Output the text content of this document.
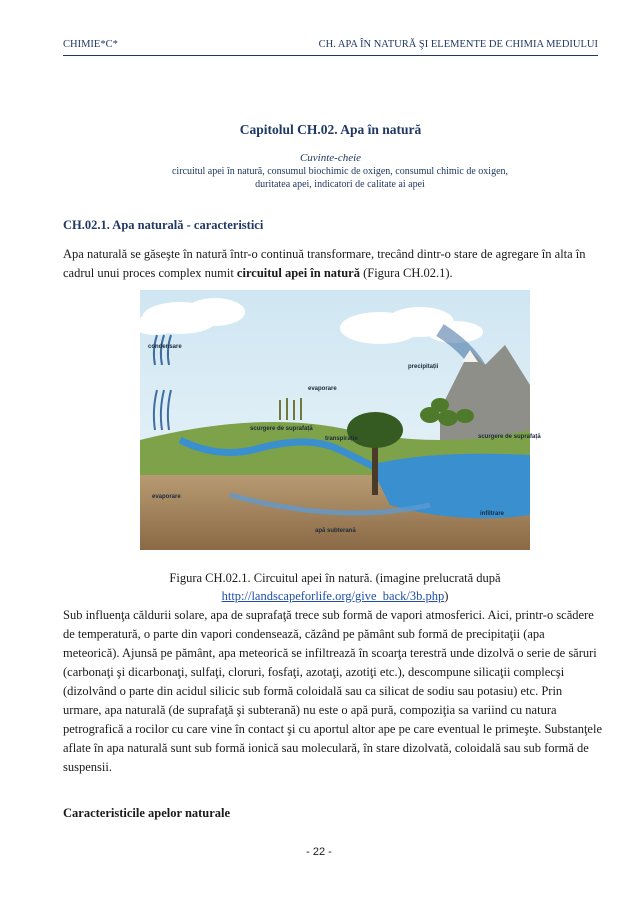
CHIMIE*C*	CH. APA ÎN NATURĂ ŞI ELEMENTE DE CHIMIA MEDIULUI
Capitolul CH.02. Apa în natură
Cuvinte-cheie
circuitul apei în natură, consumul biochimic de oxigen, consumul chimic de oxigen, duritatea apei, indicatori de calitate ai apei
CH.02.1. Apa naturală - caracteristici
Apa naturală se găseşte în natură într-o continuă transformare, trecând dintr-o stare de agregare în alta în cadrul unui proces complex numit circuitul apei în natură (Figura CH.02.1).
condensare
precipitații
evaporare
scurgere de suprafață
scurgere de suprafață
transpirație
evaporare
infiltrare
apă subterană
Figura CH.02.1. Circuitul apei în natură. (imagine prelucrată după
http://landscapeforlife.org/give_back/3b.php)
Sub influenţa căldurii solare, apa de suprafaţă trece sub formă de vapori atmosferici. Aici, printr-o scădere de temperatură, o parte din vapori condensează, căzând pe pământ sub formă de precipitaţii (apa meteorică). Ajunsă pe pământ, apa meteorică se infiltrează în scoarţa terestră unde dizolvă o serie de săruri (carbonaţi şi dicarbonaţi, sulfaţi, cloruri, fosfaţi, azotaţi, azotiţi etc.), descompune silicaţii complecşi (dizolvând o parte din acidul silicic sub formă coloidală sau ca silicat de sodiu sau potasiu) etc. Prin urmare, apa naturală (de suprafaţă şi subterană) nu este o apă pură, compoziţia sa variind cu natura petrografică a rocilor cu care vine în contact şi cu aportul altor ape pe care eventual le primeşte. Substanţele aflate în apa naturală sunt sub formă ionică sau moleculară, în stare dizolvată, coloidală sau sub formă de suspensii.
Caracteristicile apelor naturale
- 22 -
